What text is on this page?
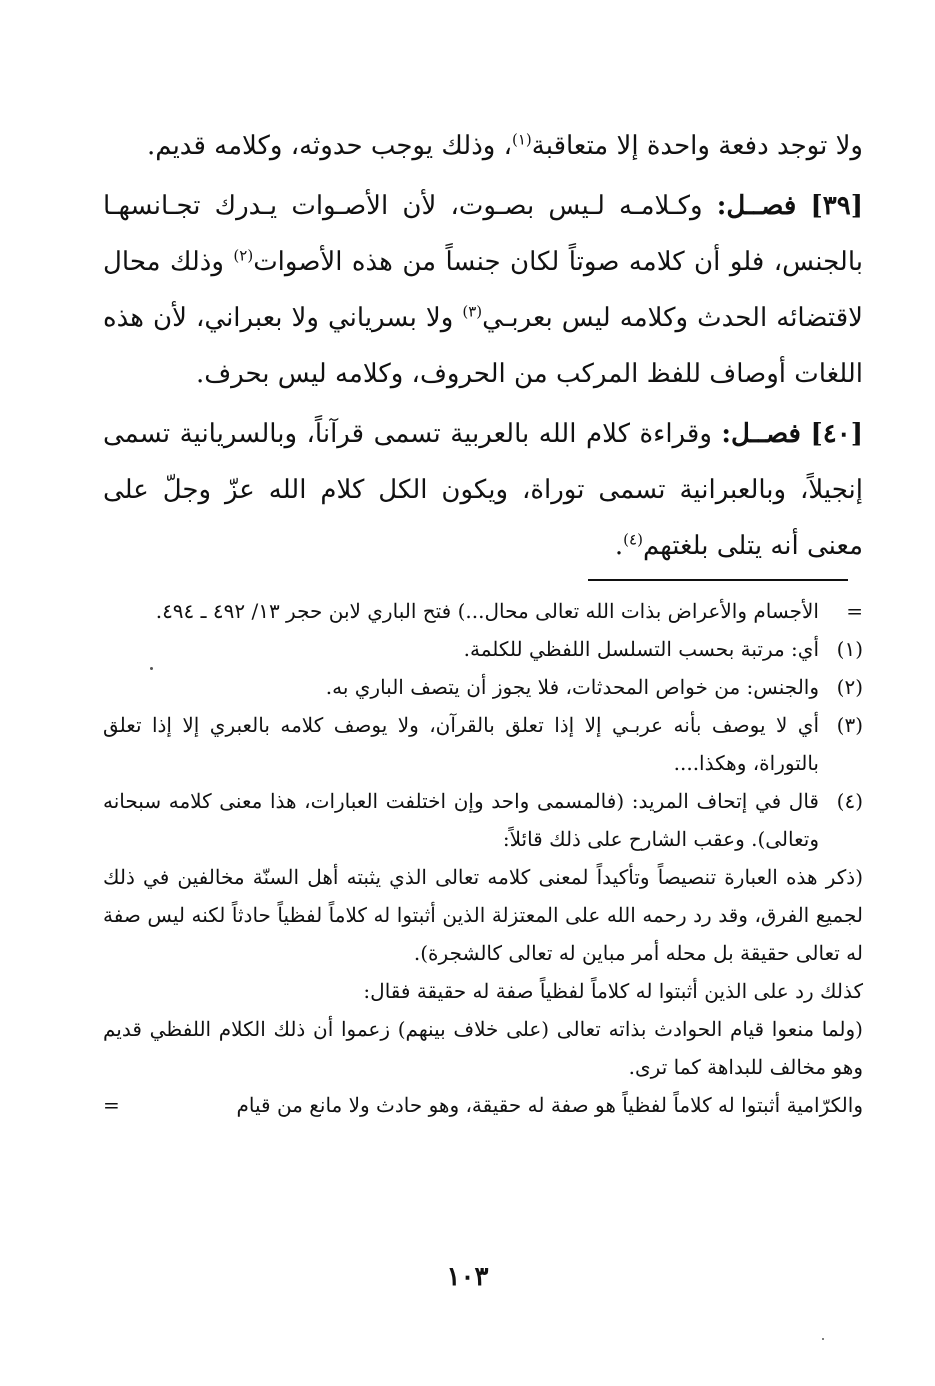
ولا توجد دفعة واحدة إلا متعاقبة$^{(١)}$، وذلك يوجب حدوثه، وكلامه قديم.

[٣٩] فصــل: وكـلامـه لـيس بصـوت، لأن الأصـوات يـدرك تجـانسهـا بالجنس، فلو أن كلامه صوتاً لكان جنساً من هذه الأصوات$^{(٢)}$ وذلك محال لاقتضائه الحدث وكلامه ليس بعربـي$^{(٣)}$ ولا بسرياني ولا بعبراني، لأن هذه اللغات أوصاف للفظ المركب من الحروف، وكلامه ليس بحرف.

[٤٠] فصــل: وقراءة كلام الله بالعربية تسمى قرآناً، وبالسريانية تسمى إنجيلاً، وبالعبرانية تسمى توراة، ويكون الكل كلام الله عزّ وجلّ على معنى أنه يتلى بلغتهم$^{(٤)}$.

=
الأجسام والأعراض بذات الله تعالى محال...) فتح الباري لابن حجر ١٣/ ٤٩٢ ـ ٤٩٤.
(١)
أي: مرتبة بحسب التسلسل اللفظي للكلمة.
(٢)
والجنس: من خواص المحدثات، فلا يجوز أن يتصف الباري به.
(٣)
أي لا يوصف بأنه عربـي إلا إذا تعلق بالقرآن، ولا يوصف كلامه بالعبري إلا إذا تعلق بالتوراة، وهكذا....
(٤)
قال في إتحاف المريد: (فالمسمى واحد وإن اختلفت العبارات، هذا معنى كلامه سبحانه وتعالى). وعقب الشارح على ذلك قائلاً:
(ذكر هذه العبارة تنصيصاً وتأكيداً لمعنى كلامه تعالى الذي يثبته أهل السنّة مخالفين في ذلك لجميع الفرق، وقد رد رحمه الله على المعتزلة الذين أثبتوا له كلاماً لفظياً حادثاً لكنه ليس صفة له تعالى حقيقة بل محله أمر مباين له تعالى كالشجرة).
كذلك رد على الذين أثبتوا له كلاماً لفظياً صفة له حقيقة فقال:
(ولما منعوا قيام الحوادث بذاته تعالى (على خلاف بينهم) زعموا أن ذلك الكلام اللفظي قديم وهو مخالف للبداهة كما ترى.
والكرّامية أثبتوا له كلاماً لفظياً هو صفة له حقيقة، وهو حادث ولا مانع من قيام
=
١٠٣
